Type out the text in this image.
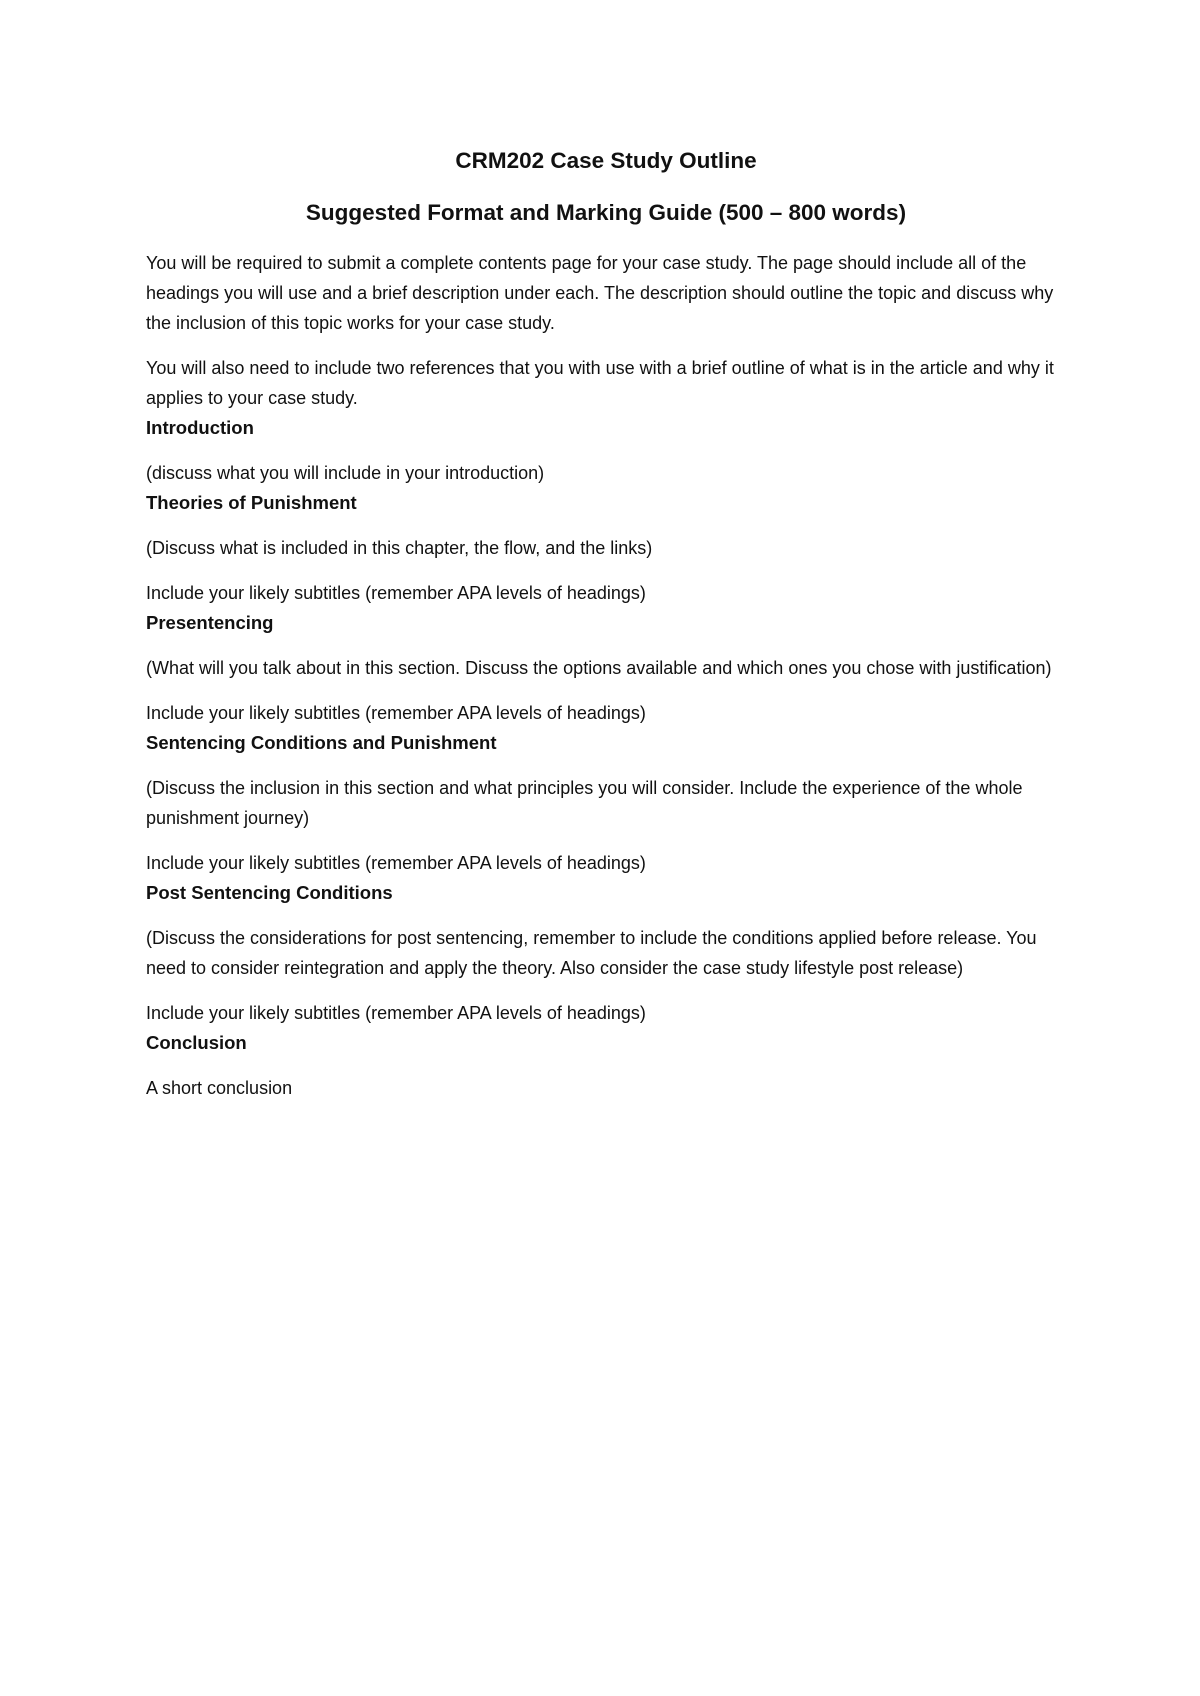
CRM202 Case Study Outline
Suggested Format and Marking Guide (500 – 800 words)

You will be required to submit a complete contents page for your case study. The page should include all of the headings you will use and a brief description under each. The description should outline the topic and discuss why the inclusion of this topic works for your case study.

You will also need to include two references that you with use with a brief outline of what is in the article and why it applies to your case study.

Introduction

(discuss what you will include in your introduction)

Theories of Punishment

(Discuss what is included in this chapter, the flow, and the links)

Include your likely subtitles (remember APA levels of headings)

Presentencing

(What will you talk about in this section. Discuss the options available and which ones you chose with justification)

Include your likely subtitles (remember APA levels of headings)

Sentencing Conditions and Punishment

(Discuss the inclusion in this section and what principles you will consider. Include the experience of the whole punishment journey)

Include your likely subtitles (remember APA levels of headings)

Post Sentencing Conditions

(Discuss the considerations for post sentencing, remember to include the conditions applied before release. You need to consider reintegration and apply the theory. Also consider the case study lifestyle post release)

Include your likely subtitles (remember APA levels of headings)

Conclusion

A short conclusion
